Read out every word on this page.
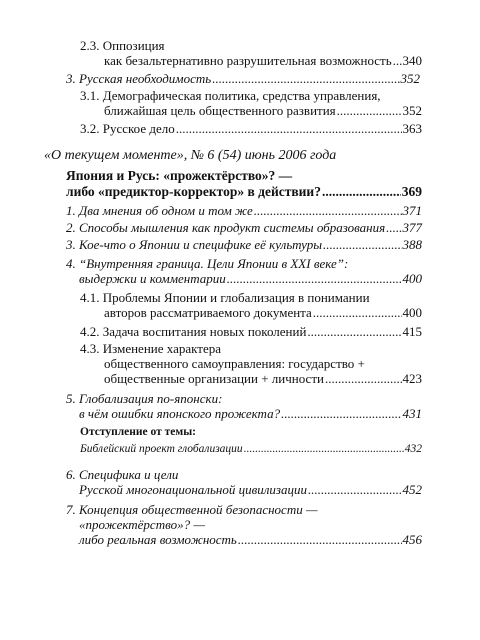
2.3. Оппозиция
как безальтернативно разрушительная возможность ..... 340
3. Русская необходимость .....	352
3.1. Демографическая политика, средства управления,
ближайшая цель общественного развития .....	352
3.2. Русское дело .....	363
«О текущем моменте», № 6 (54) июнь 2006 года
Япония и Русь: «прожектёрство»? —
либо «предиктор-корректор» в действии? .....	369
1. Два мнения об одном и том же .....	371
2. Способы мышления как продукт системы образования ..... 377
3. Кое-что о Японии и специфике её культуры .....	388
4. “Внутренняя граница. Цели Японии в XXI веке”:
выдержки и комментарии .....	400
4.1. Проблемы Японии и глобализация в понимании
авторов рассматриваемого документа .....	400
4.2. Задача воспитания новых поколений .....	415
4.3. Изменение характера
общественного самоуправления: государство +
общественные организации + личности .....	423
5. Глобализация по-японски:
в чём ошибки японского прожекта? .....	431
Отступление от темы:
Библейский проект глобализации .....	432
6. Специфика и цели
Русской многонациональной цивилизации .....	452
7. Концепция общественной безопасности —
«прожектёрство»? —
либо реальная возможность .....	456
